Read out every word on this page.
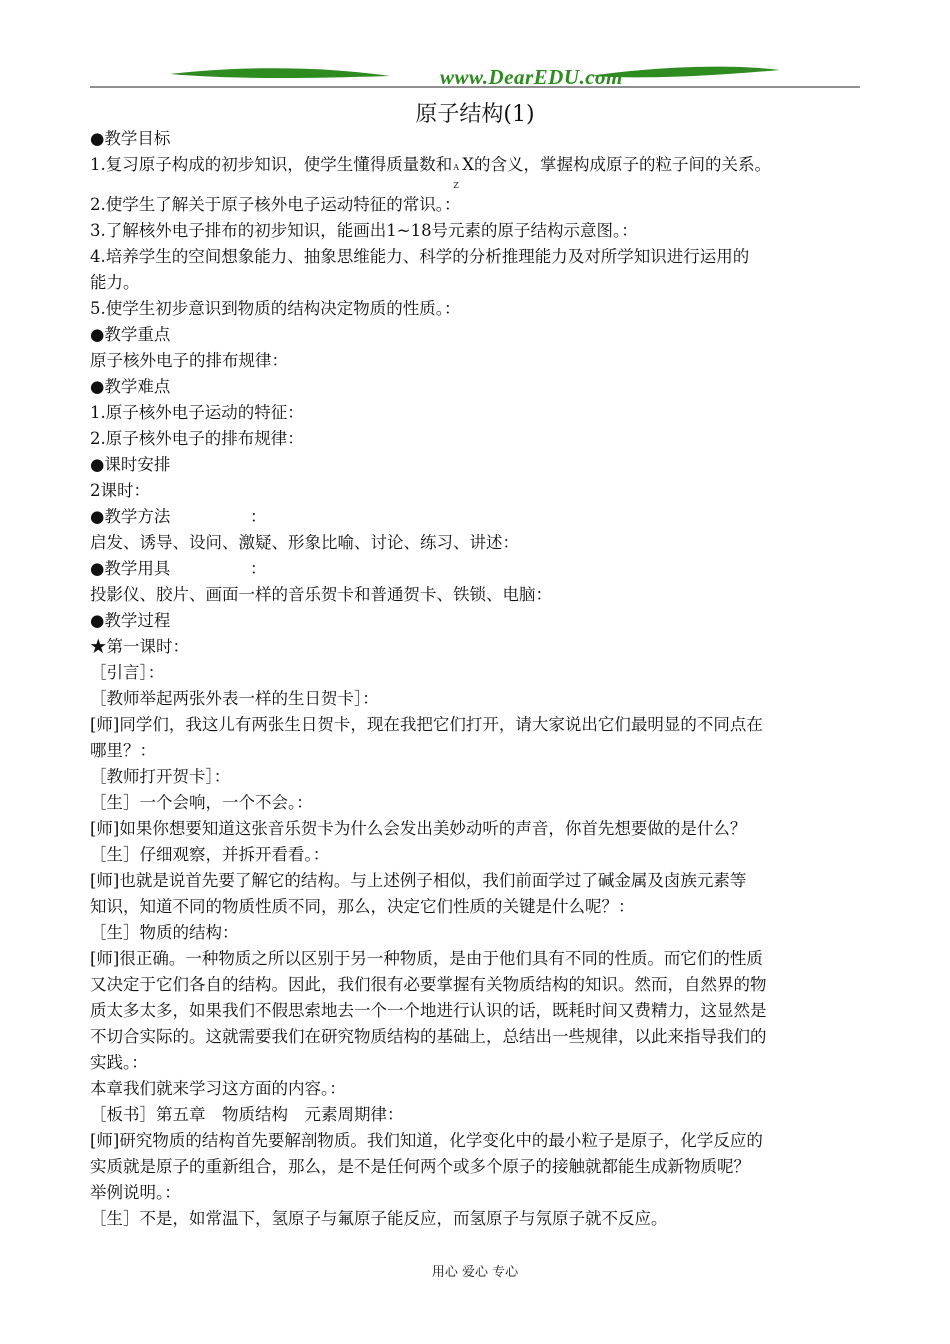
www.DearEDU.com
原子结构(1)
●教学目标
1.复习原子构成的初步知识，使学生懂得质量数和 A
Z
X的含义，掌握构成原子的粒子间的关系。
2.使学生了解关于原子核外电子运动特征的常识。：
3.了解核外电子排布的初步知识，能画出1~18号元素的原子结构示意图。：
4.培养学生的空间想象能力、抽象思维能力、科学的分析推理能力及对所学知识进行运用的
能力。
5.使学生初步意识到物质的结构决定物质的性质。：
●教学重点
原子核外电子的排布规律：
●教学难点
1.原子核外电子运动的特征：
2.原子核外电子的排布规律：
●课时安排
2课时：
●教学方法	：
启发、诱导、设问、激疑、形象比喻、讨论、练习、讲述：
●教学用具	：
投影仪、胶片、画面一样的音乐贺卡和普通贺卡、铁锁、电脑：
●教学过程
★第一课时：
［引言］：
［教师举起两张外表一样的生日贺卡］：
[师]同学们，我这儿有两张生日贺卡，现在我把它们打开，请大家说出它们最明显的不同点在
哪里？：
［教师打开贺卡］：
［生］一个会响，一个不会。：
[师]如果你想要知道这张音乐贺卡为什么会发出美妙动听的声音，你首先想要做的是什么？
［生］仔细观察，并拆开看看。：
[师]也就是说首先要了解它的结构。与上述例子相似，我们前面学过了碱金属及卤族元素等
知识，知道不同的物质性质不同，那么，决定它们性质的关键是什么呢？：
［生］物质的结构：
[师]很正确。一种物质之所以区别于另一种物质，是由于他们具有不同的性质。而它们的性质
又决定于它们各自的结构。因此，我们很有必要掌握有关物质结构的知识。然而，自然界的物
质太多太多，如果我们不假思索地去一个一个地进行认识的话，既耗时间又费精力，这显然是
不切合实际的。这就需要我们在研究物质结构的基础上，总结出一些规律，以此来指导我们的
实践。：
本章我们就来学习这方面的内容。：
［板书］第五章　物质结构　元素周期律：
[师]研究物质的结构首先要解剖物质。我们知道，化学变化中的最小粒子是原子，化学反应的
实质就是原子的重新组合，那么，是不是任何两个或多个原子的接触就都能生成新物质呢？
举例说明。：
［生］不是，如常温下，氢原子与氟原子能反应，而氢原子与氖原子就不反应。
用心 爱心 专心
